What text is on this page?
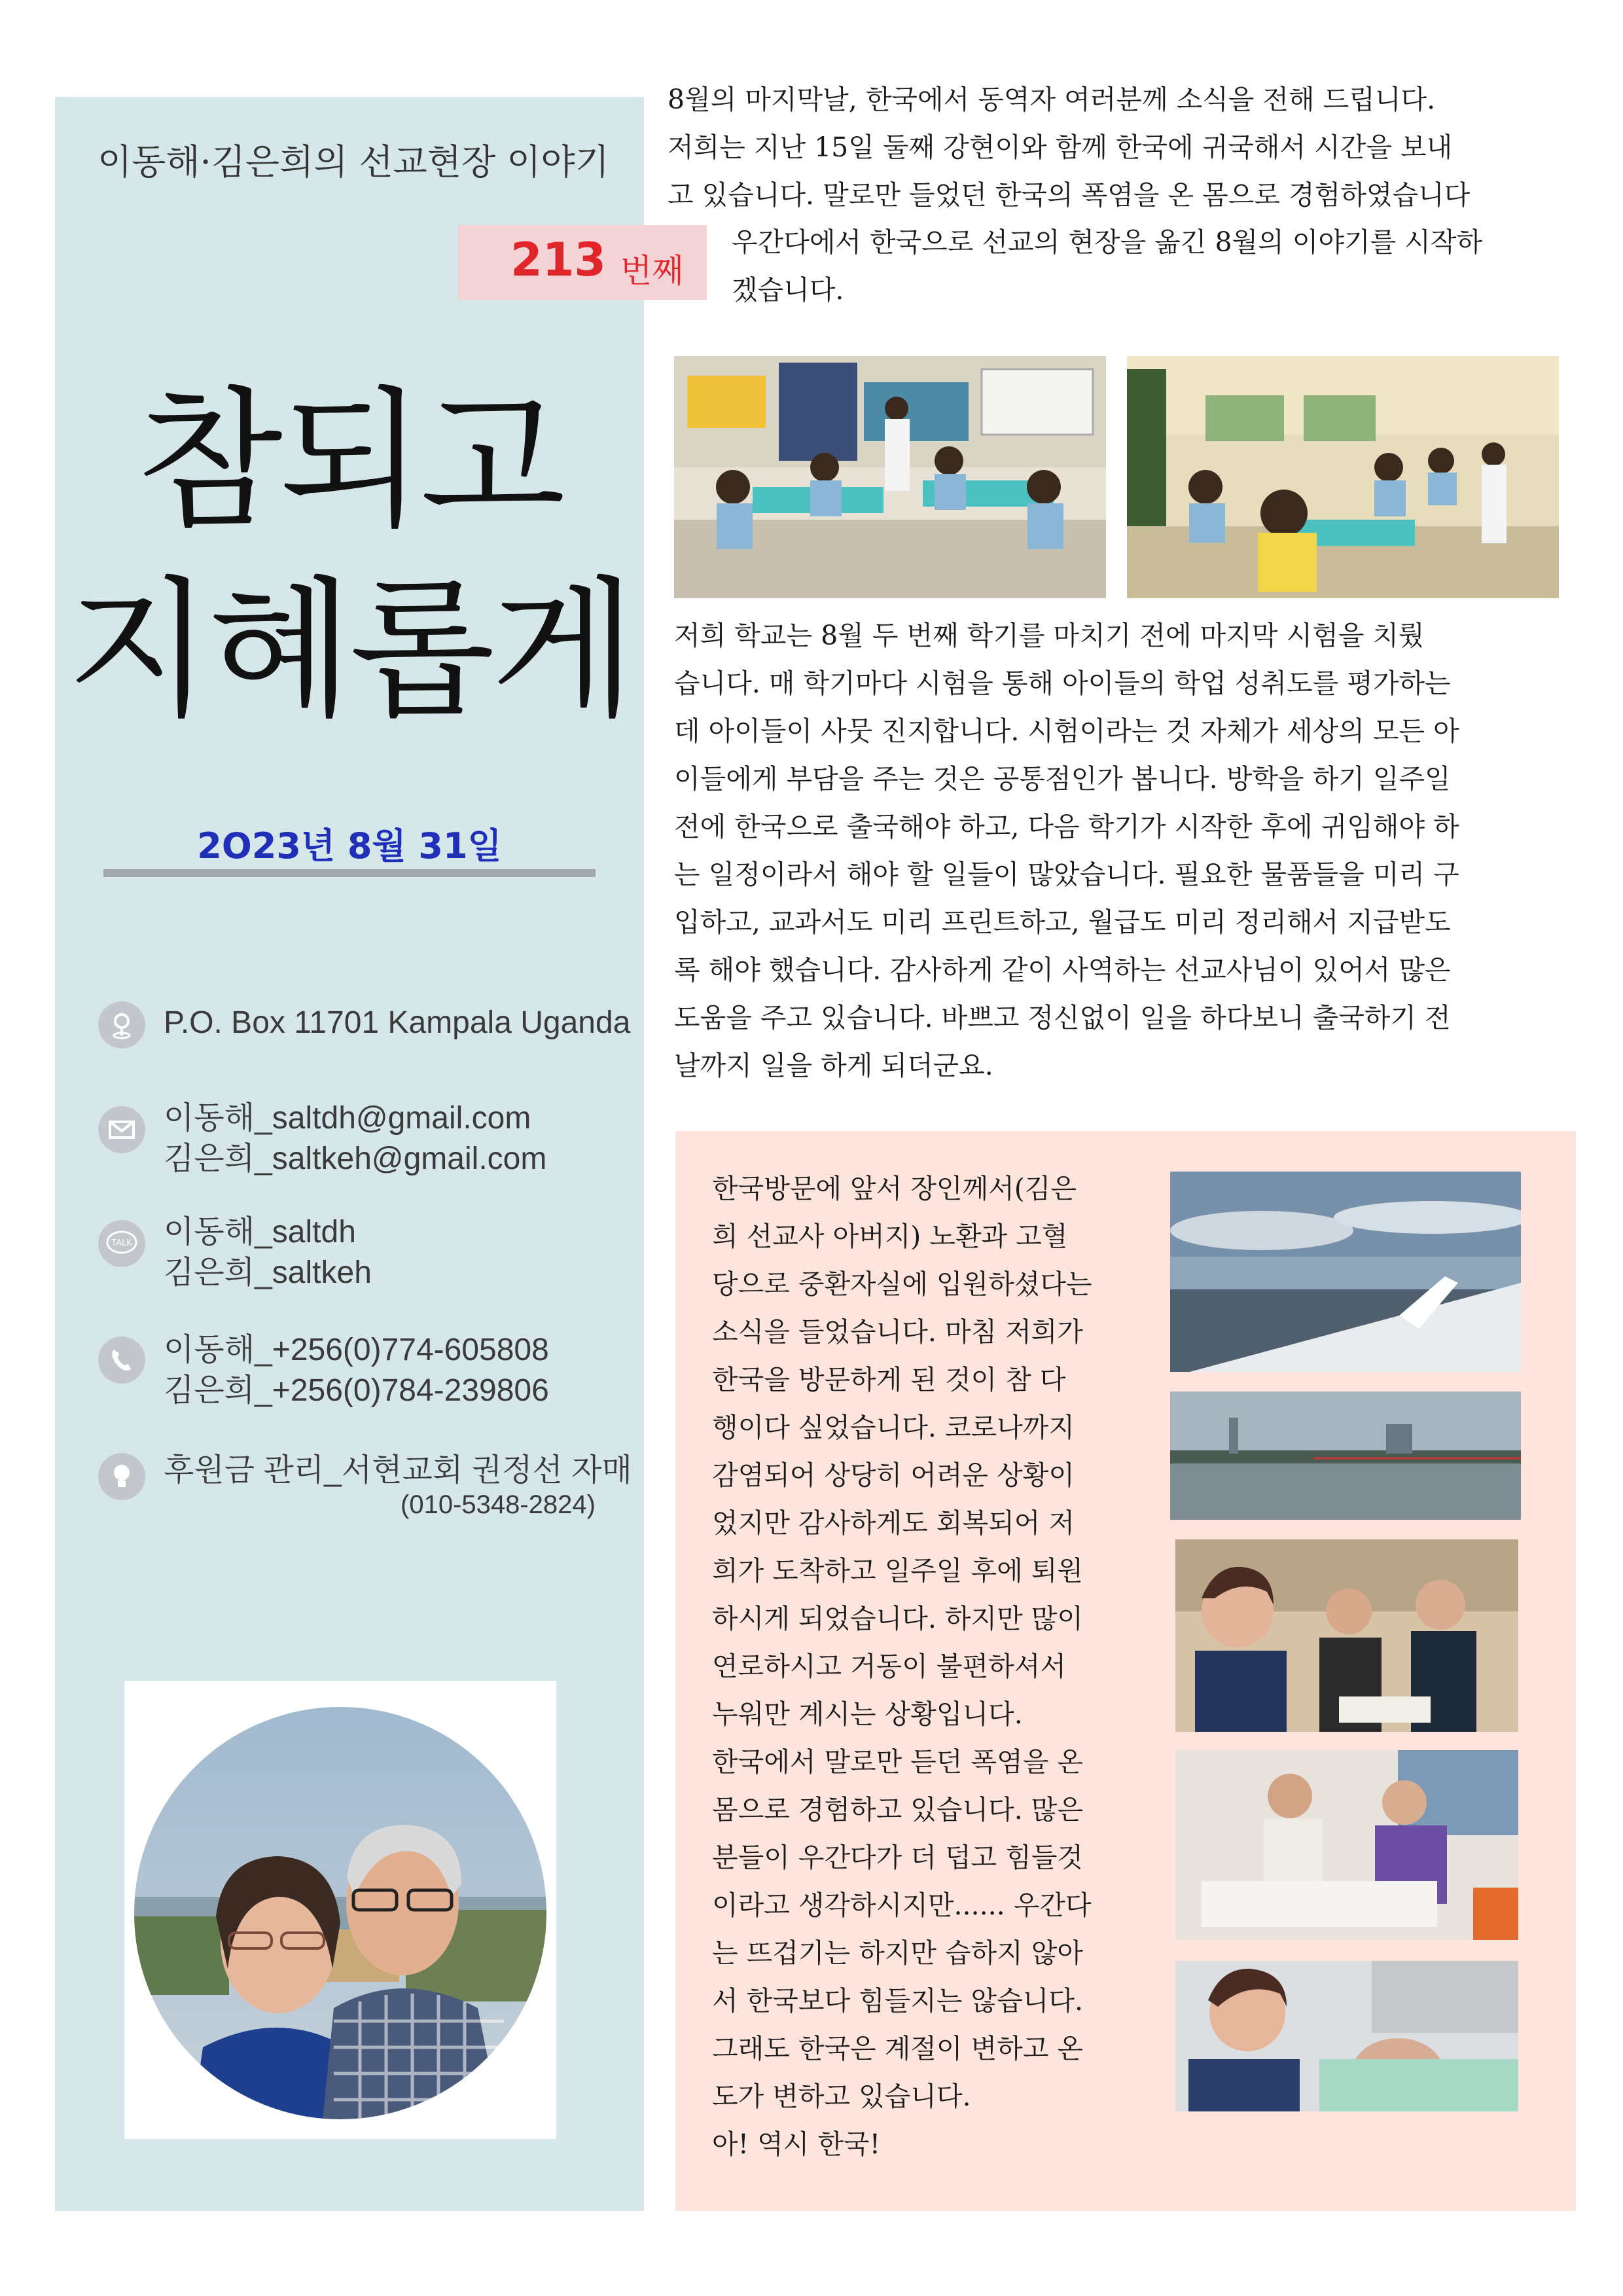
이동해·김은희의 선교현장 이야기
213 번째
참되고
지혜롭게
2O23년 8월 31일
P.O. Box 11701 Kampala Uganda
이동해_saltdh@gmail.com
김은희_saltkeh@gmail.com
TALK 이동해_saltdh
김은희_saltkeh
이동해_+256(0)774-605808
김은희_+256(0)784-239806
후원금 관리_서현교회 권정선 자매
(010-5348-2824)
8월의 마지막날, 한국에서 동역자 여러분께 소식을 전해 드립니다.
저희는 지난 15일 둘째 강현이와 함께 한국에 귀국해서 시간을 보내
고 있습니다. 말로만 들었던 한국의 폭염을 온 몸으로 경험하였습니다
우간다에서 한국으로 선교의 현장을 옮긴 8월의 이야기를 시작하
겠습니다.
저희 학교는 8월 두 번째 학기를 마치기 전에 마지막 시험을 치뤘
습니다. 매 학기마다 시험을 통해 아이들의 학업 성취도를 평가하는
데 아이들이 사뭇 진지합니다. 시험이라는 것 자체가 세상의 모든 아
이들에게 부담을 주는 것은 공통점인가 봅니다. 방학을 하기 일주일
전에 한국으로 출국해야 하고, 다음 학기가 시작한 후에 귀임해야 하
는 일정이라서 해야 할 일들이 많았습니다. 필요한 물품들을 미리 구
입하고, 교과서도 미리 프린트하고, 월급도 미리 정리해서 지급받도
록 해야 했습니다. 감사하게 같이 사역하는 선교사님이 있어서 많은
도움을 주고 있습니다. 바쁘고 정신없이 일을 하다보니 출국하기 전
날까지 일을 하게 되더군요.
한국방문에 앞서 장인께서(김은
희 선교사 아버지) 노환과 고혈
당으로 중환자실에 입원하셨다는
소식을 들었습니다. 마침 저희가
한국을 방문하게 된 것이 참 다
행이다 싶었습니다. 코로나까지
감염되어 상당히 어려운 상황이
었지만 감사하게도 회복되어 저
희가 도착하고 일주일 후에 퇴원
하시게 되었습니다. 하지만 많이
연로하시고 거동이 불편하셔서
누워만 계시는 상황입니다.
한국에서 말로만 듣던 폭염을 온
몸으로 경험하고 있습니다. 많은
분들이 우간다가 더 덥고 힘들것
이라고 생각하시지만...... 우간다
는 뜨겁기는 하지만 습하지 않아
서 한국보다 힘들지는 않습니다.
그래도 한국은 계절이 변하고 온
도가 변하고 있습니다.
아! 역시 한국!
